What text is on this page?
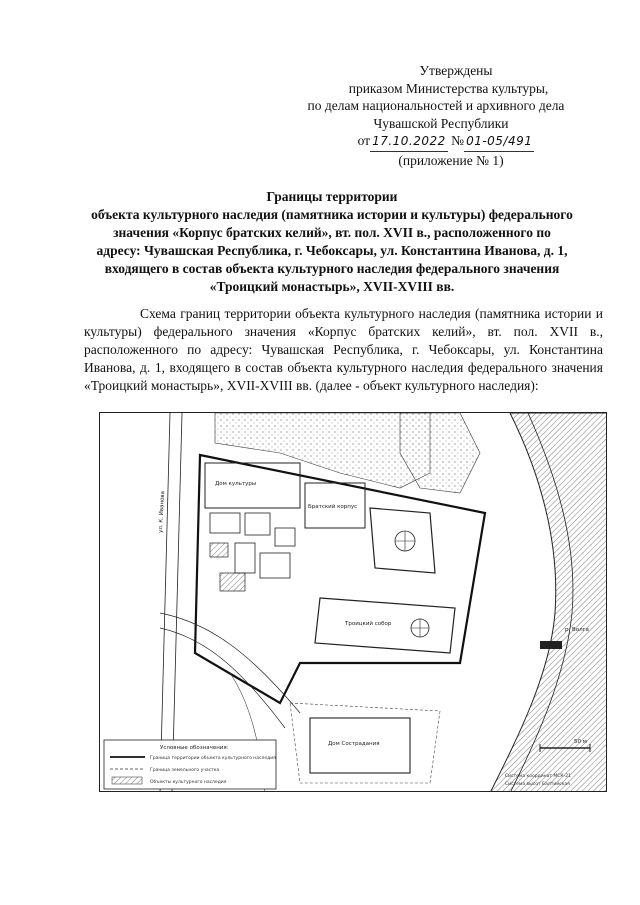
Утверждены
приказом Министерства культуры,
по делам национальностей и архивного дела
Чувашской Республики
от 17.10.2022 № 01-05/491
(приложение № 1)
Границы территории
объекта культурного наследия (памятника истории и культуры) федерального
значения «Корпус братских келий», вт. пол. XVII в., расположенного по
адресу: Чувашская Республика, г. Чебоксары, ул. Константина Иванова, д. 1,
входящего в состав объекта культурного наследия федерального значения
«Троицкий монастырь», XVII-XVIII вв.

Схема границ территории объекта культурного наследия (памятника истории и культуры) федерального значения «Корпус братских келий», вт. пол. XVII в., расположенного по адресу: Чувашская Республика, г. Чебоксары, ул. Константина Иванова, д. 1, входящего в состав объекта культурного наследия федерального значения «Троицкий монастырь», XVII-XVIII вв. (далее - объект культурного наследия):

ул. К. Иванова
Дом культуры
Братский корпус
Троицкий собор
Дом Сострадания
р. Волга
50 м
Условные обозначения:
Граница территории объекта культурного наследия
Граница земельного участка
Объекты культурного наследия
Система координат МСК-21
Система высот Балтийская
